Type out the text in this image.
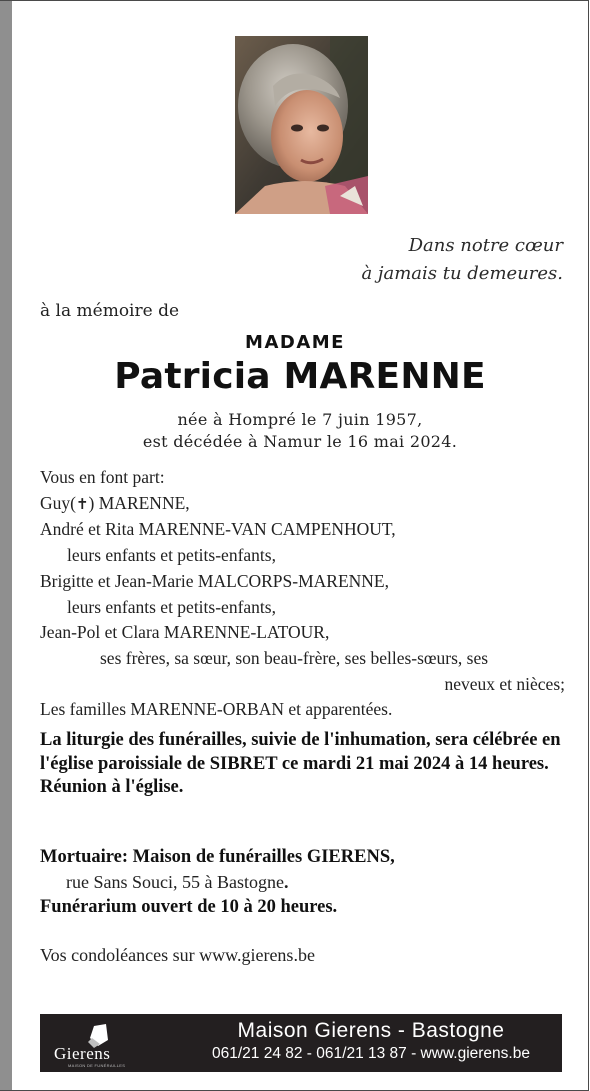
Dans notre cœur
à jamais tu demeures.
à la mémoire de
MADAME
Patricia MARENNE
née à Hompré le 7 juin 1957,
est décédée à Namur le 16 mai 2024.
Vous en font part:
Guy(✝) MARENNE,
André et Rita MARENNE-VAN CAMPENHOUT,
leurs enfants et petits-enfants,
Brigitte et Jean-Marie MALCORPS-MARENNE,
leurs enfants et petits-enfants,
Jean-Pol et Clara MARENNE-LATOUR,
ses frères, sa sœur, son beau-frère, ses belles-sœurs, ses
neveux et nièces;
Les familles MARENNE-ORBAN et apparentées.
La liturgie des funérailles, suivie de l'inhumation, sera célébrée en l'église paroissiale de SIBRET ce mardi 21 mai 2024 à 14 heures.
Réunion à l'église.
Mortuaire: Maison de funérailles GIERENS,
rue Sans Souci, 55 à Bastogne.
Funérarium ouvert de 10 à 20 heures.
Vos condoléances sur www.gierens.be
Gierens
MAISON DE FUNÉRAILLES
Maison Gierens - Bastogne
061/21 24 82 - 061/21 13 87 - www.gierens.be
